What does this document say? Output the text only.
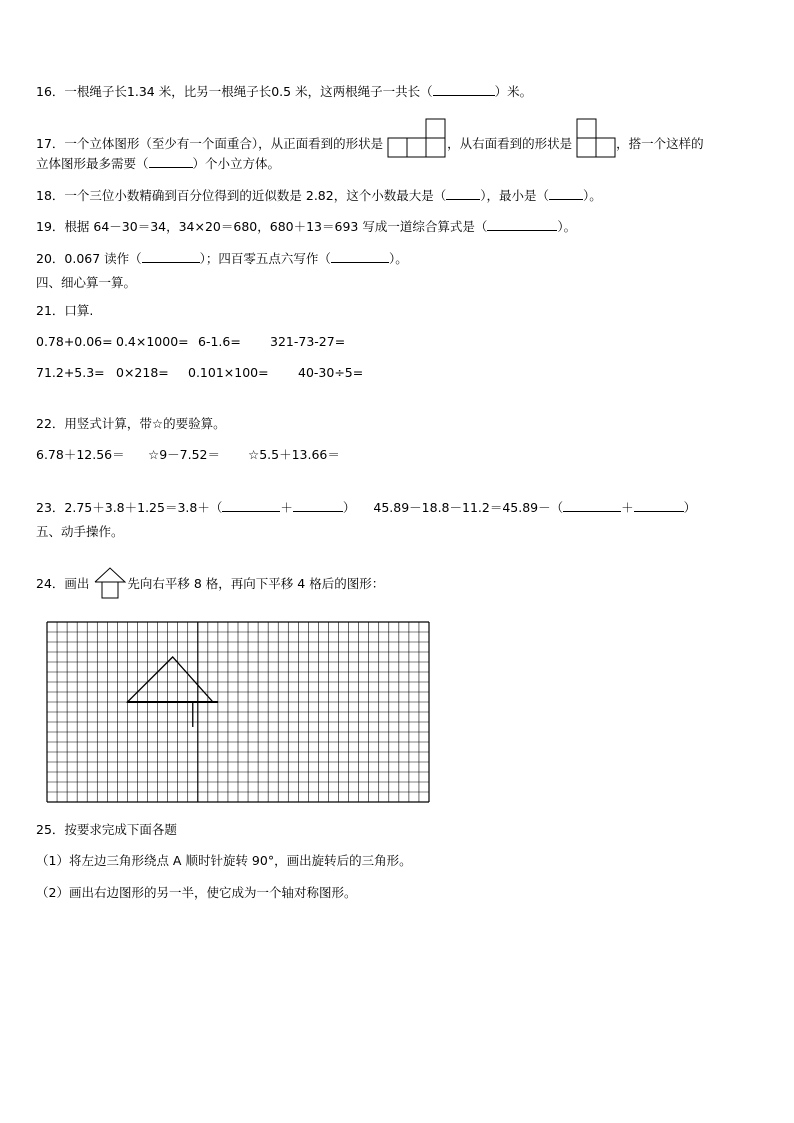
16．一根绳子长1.34 米，比另一根绳子长0.5 米，这两根绳子一共长（	）米。
17．一个立体图形（至少有一个面重合），从正面看到的形状是	，从右面看到的形状是	，搭一个这样的
立体图形最多需要（	）个小立方体。
18．一个三位小数精确到百分位得到的近似数是 2.82，这个小数最大是（	），最小是（	）。
19．根据 64－30＝34，34×20＝680，680＋13＝693 写成一道综合算式是（	）。
20．0.067 读作（	）；四百零五点六写作（	）。
四、细心算一算。
21．口算.
0.78+0.06= 0.4×1000= 6-1.6= 321-73-27=
71.2+5.3= 0×218= 0.101×100= 40-30÷5=
22．用竖式计算，带☆的要验算。
6.78＋12.56＝ ☆9－7.52＝ ☆5.5＋13.66＝
23．2.75＋3.8＋1.25＝3.8＋（	＋	） 45.89－18.8－11.2＝45.89－（	＋	）
五、动手操作。
24．画出	先向右平移 8 格，再向下平移 4 格后的图形：
25．按要求完成下面各题
（1）将左边三角形绕点 A 顺时针旋转 90°，画出旋转后的三角形。
（2）画出右边图形的另一半，使它成为一个轴对称图形。
